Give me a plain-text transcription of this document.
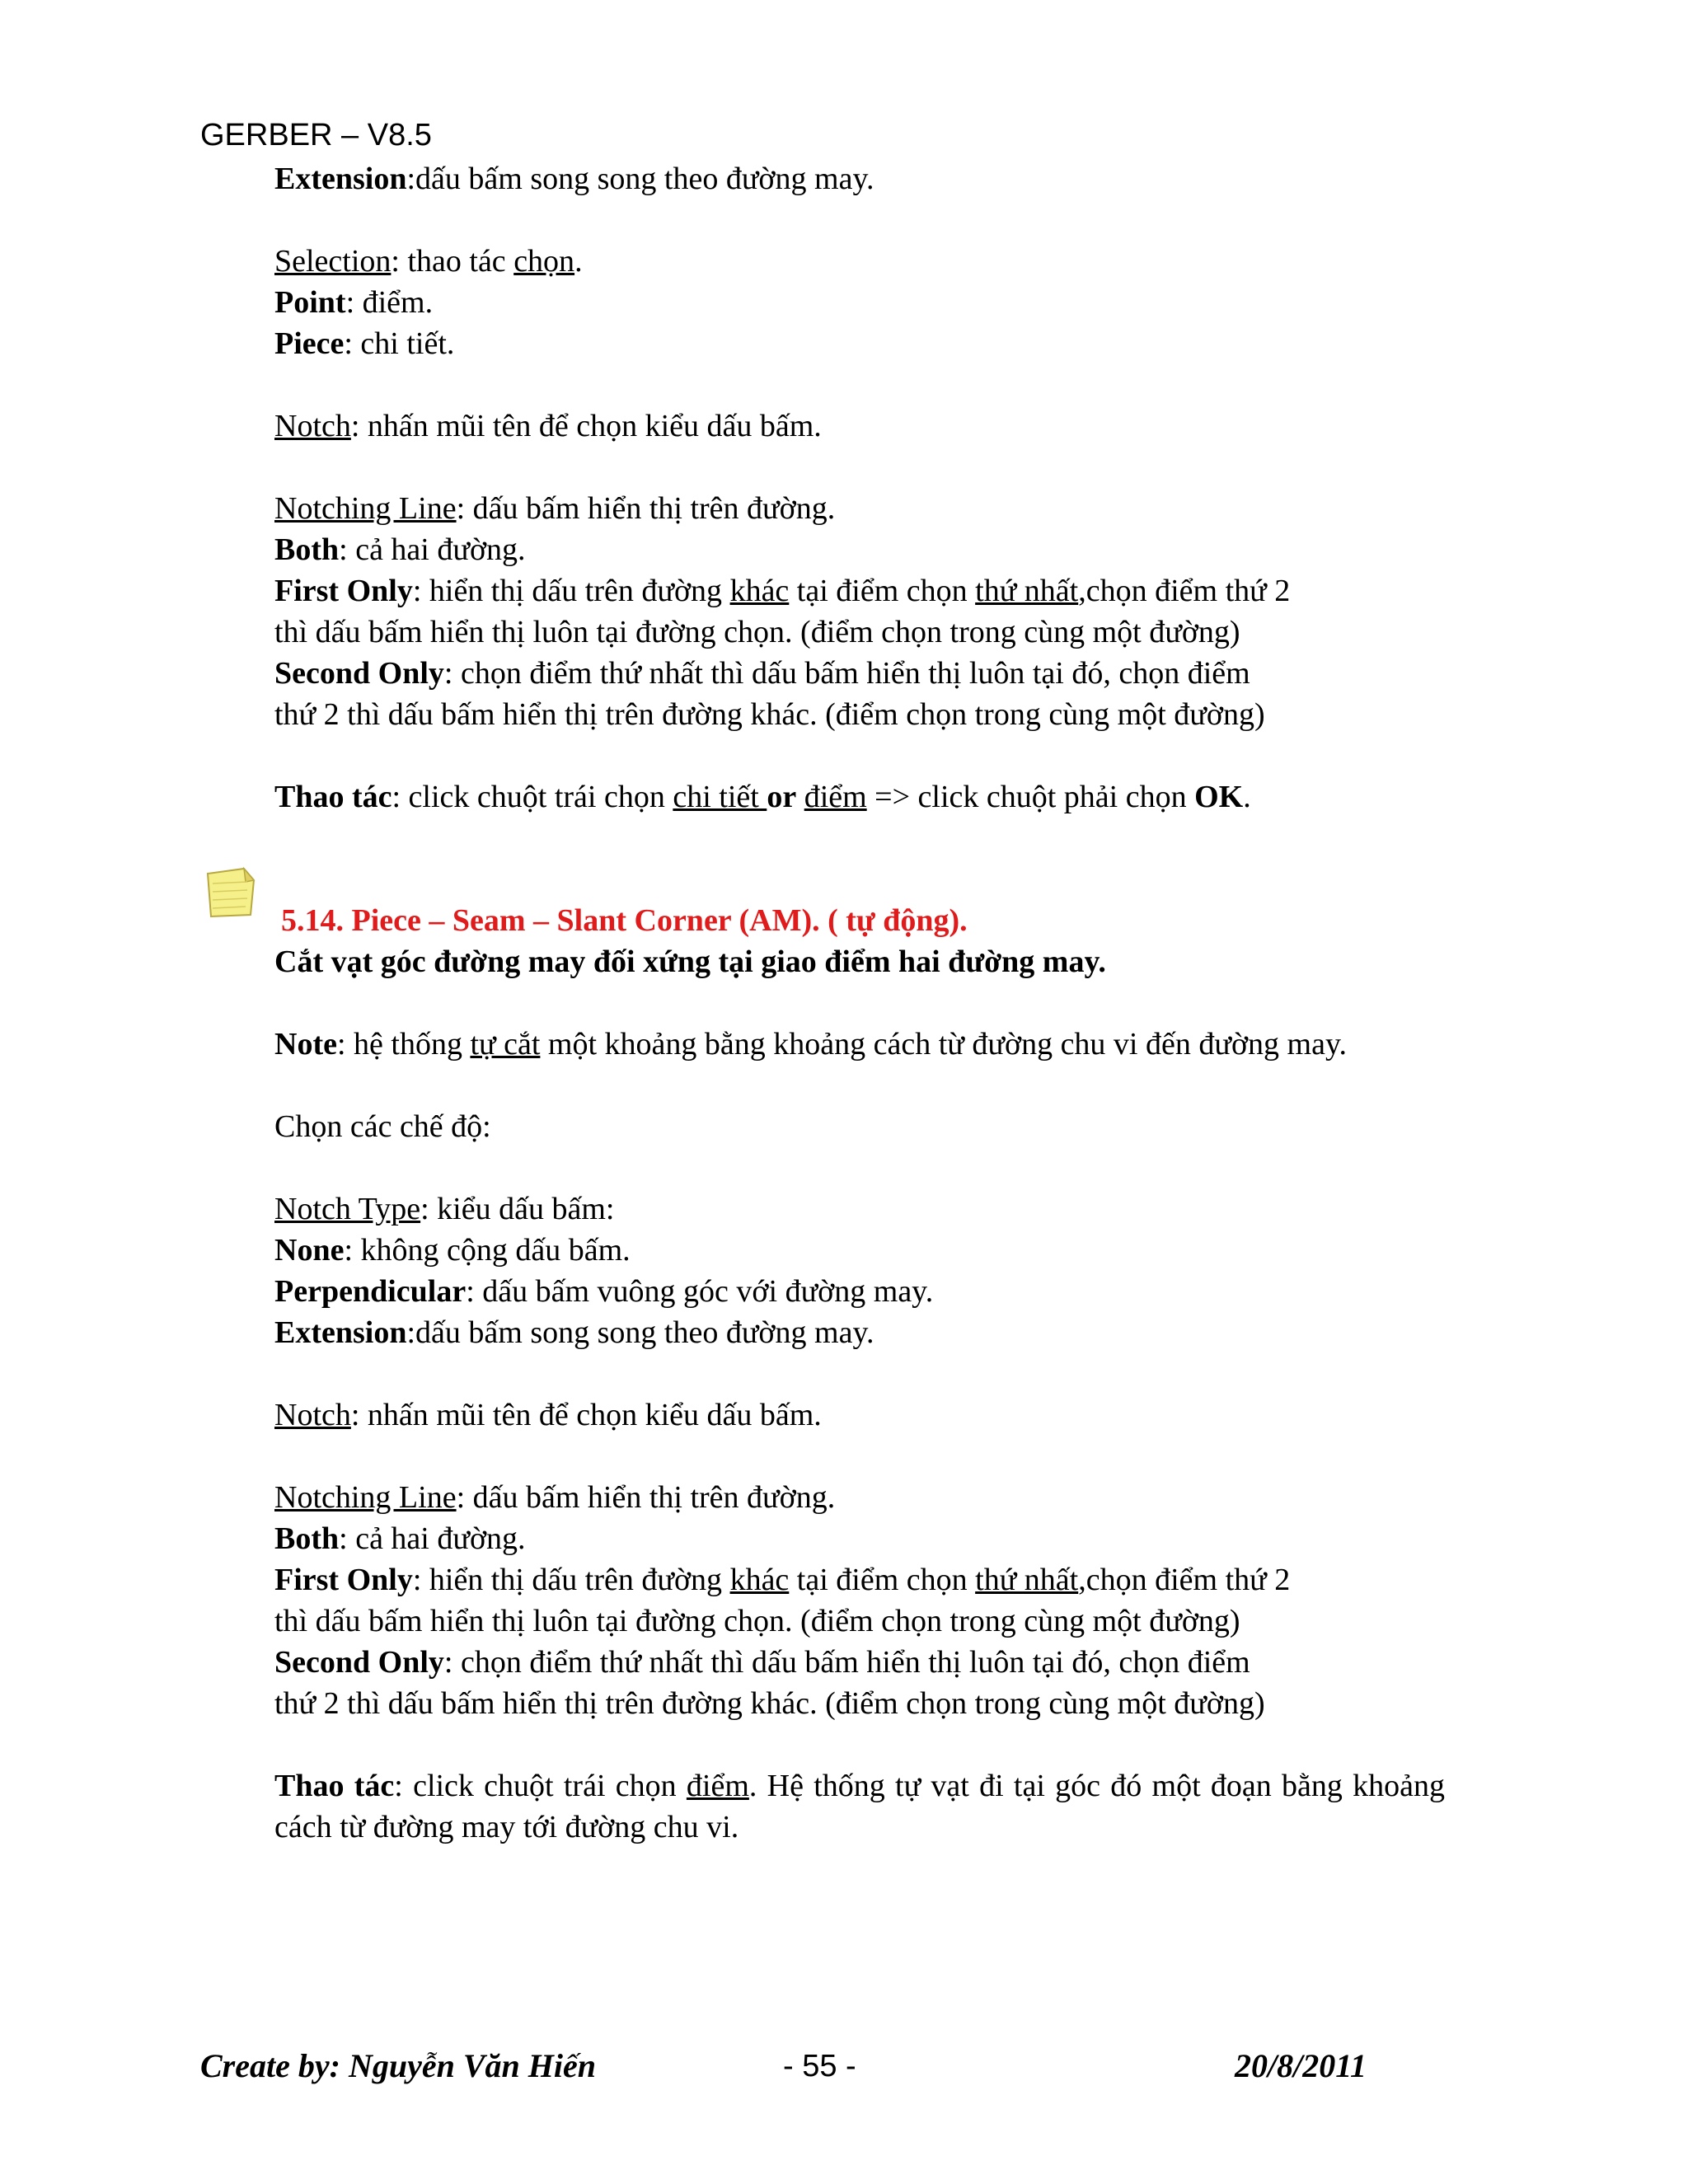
GERBER – V8.5
Extension:dấu bấm song song theo đường may.
Selection: thao tác chọn.
Point: điểm.
Piece: chi tiết.
Notch: nhấn mũi tên để chọn kiểu dấu bấm.
Notching Line: dấu bấm hiển thị trên đường.
Both: cả hai đường.
First Only: hiển thị dấu trên đường khác tại điểm chọn thứ nhất,chọn điểm thứ 2
thì dấu bấm hiển thị luôn tại đường chọn. (điểm chọn trong cùng một đường)
Second Only: chọn điểm thứ nhất thì dấu bấm hiển thị luôn tại đó, chọn điểm
thứ 2 thì dấu bấm hiển thị trên đường khác. (điểm chọn trong cùng một đường)
Thao tác: click chuột trái chọn chi tiết or điểm => click chuột phải chọn OK.
5.14. Piece – Seam – Slant Corner (AM). ( tự động).
Cắt vạt góc đường may đối xứng tại giao điểm hai đường may.
Note: hệ thống tự cắt một khoảng bằng khoảng cách từ đường chu vi đến đường may.
Chọn các chế độ:
Notch Type: kiểu dấu bấm:
None: không cộng dấu bấm.
Perpendicular: dấu bấm vuông góc với đường may.
Extension:dấu bấm song song theo đường may.
Notch: nhấn mũi tên để chọn kiểu dấu bấm.
Notching Line: dấu bấm hiển thị trên đường.
Both: cả hai đường.
First Only: hiển thị dấu trên đường khác tại điểm chọn thứ nhất,chọn điểm thứ 2
thì dấu bấm hiển thị luôn tại đường chọn. (điểm chọn trong cùng một đường)
Second Only: chọn điểm thứ nhất thì dấu bấm hiển thị luôn tại đó, chọn điểm
thứ 2 thì dấu bấm hiển thị trên đường khác. (điểm chọn trong cùng một đường)
Thao tác: click chuột trái chọn điểm. Hệ thống tự vạt đi tại góc đó một đoạn bằng khoảng cách từ đường may tới đường chu vi.
Create by: Nguyễn Văn Hiến	- 55 -	20/8/2011
